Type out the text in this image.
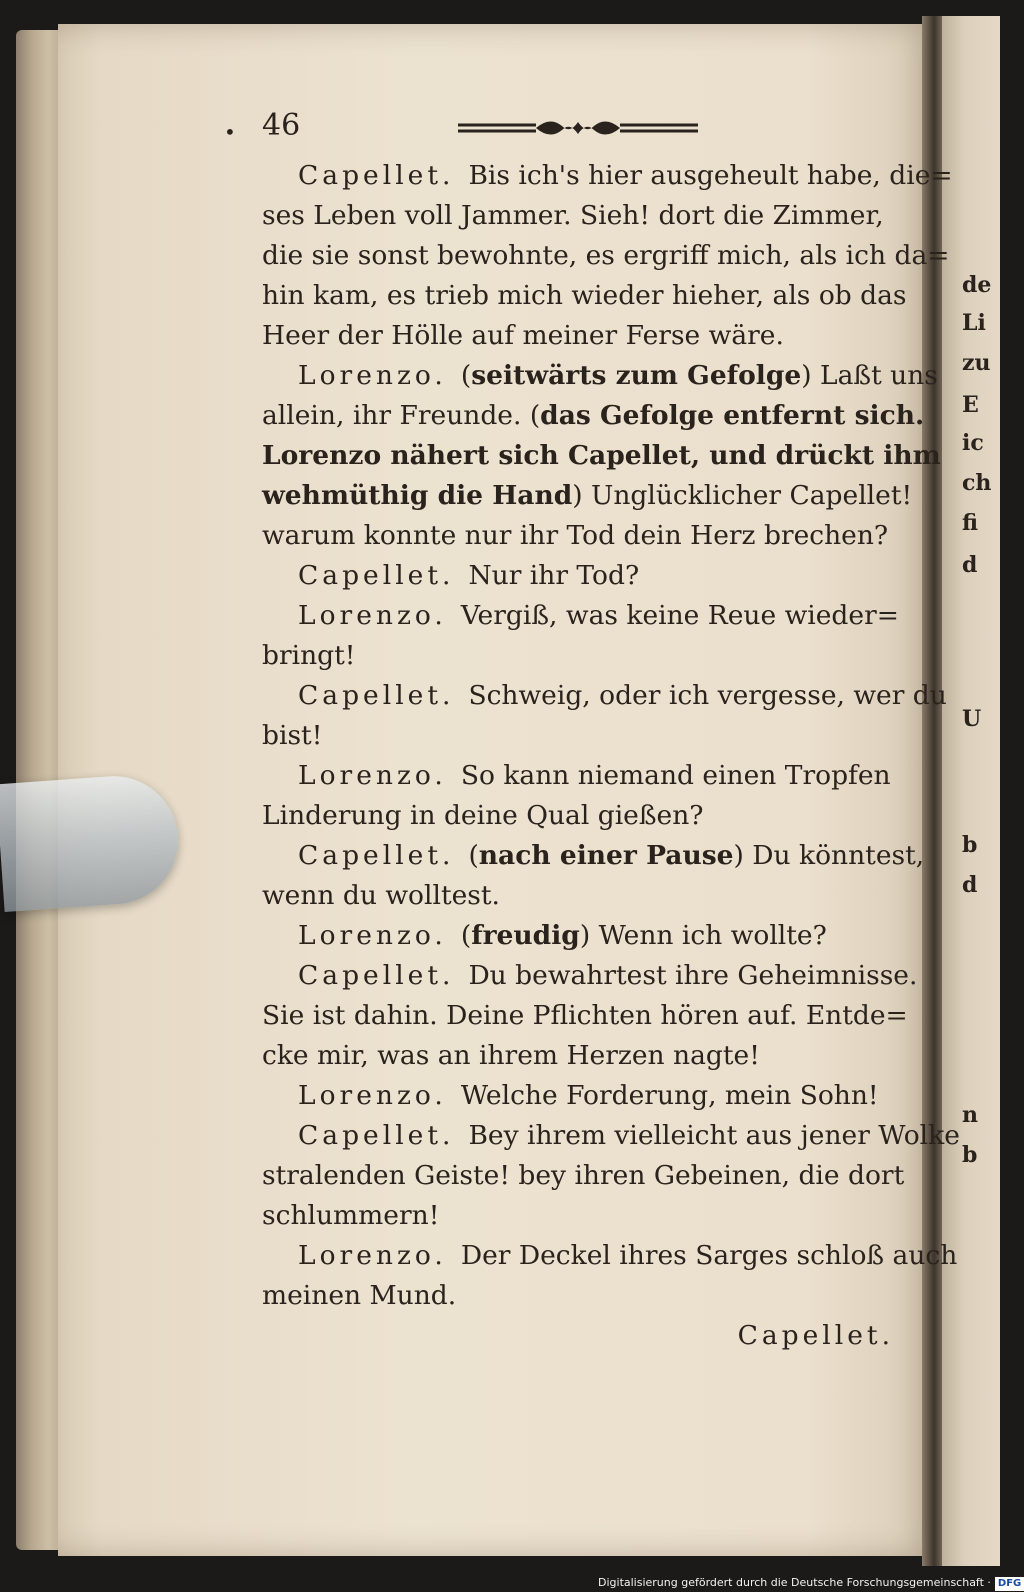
• 46
Capellet. Bis ich's hier ausgeheult habe, die=
ses Leben voll Jammer. Sieh! dort die Zimmer,
die sie sonst bewohnte, es ergriff mich, als ich da=
hin kam, es trieb mich wieder hieher, als ob das
Heer der Hölle auf meiner Ferse wäre.
Lorenzo. (seitwärts zum Gefolge) Laßt uns
allein, ihr Freunde. (das Gefolge entfernt sich.
Lorenzo nähert sich Capellet, und drückt ihm
wehmüthig die Hand) Unglücklicher Capellet!
warum konnte nur ihr Tod dein Herz brechen?
Capellet. Nur ihr Tod?
Lorenzo. Vergiß, was keine Reue wieder=
bringt!
Capellet. Schweig, oder ich vergesse, wer du
bist!
Lorenzo. So kann niemand einen Tropfen
Linderung in deine Qual gießen?
Capellet. (nach einer Pause) Du könntest,
wenn du wolltest.
Lorenzo. (freudig) Wenn ich wollte?
Capellet. Du bewahrtest ihre Geheimnisse.
Sie ist dahin. Deine Pflichten hören auf. Entde=
cke mir, was an ihrem Herzen nagte!
Lorenzo. Welche Forderung, mein Sohn!
Capellet. Bey ihrem vielleicht aus jener Wolke
stralenden Geiste! bey ihren Gebeinen, die dort
schlummern!
Lorenzo. Der Deckel ihres Sarges schloß auch
meinen Mund.
Capellet.
de
Li
zu
E
ic
ch
fi
d
U
b
d
n
b
Digitalisierung gefördert durch die Deutsche Forschungsgemeinschaft · DFG
